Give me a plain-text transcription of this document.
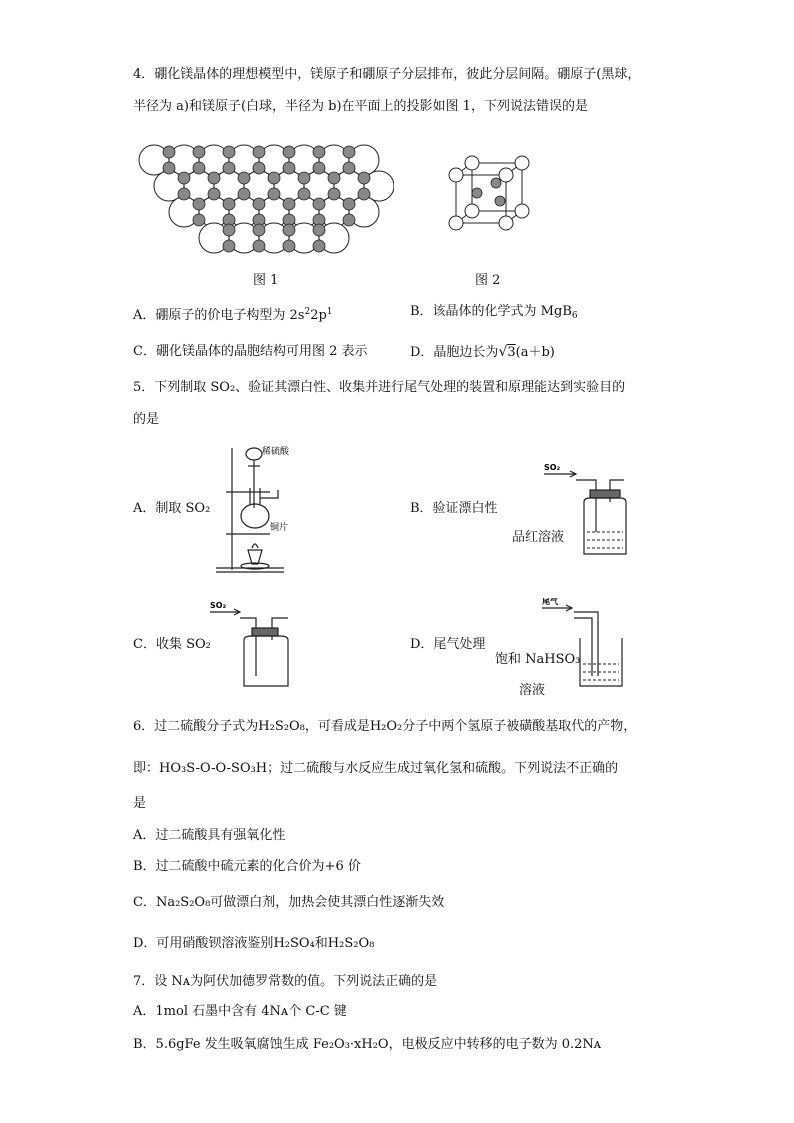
4．硼化镁晶体的理想模型中，镁原子和硼原子分层排布，彼此分层间隔。硼原子(黑球，
半径为 a)和镁原子(白球，半径为 b)在平面上的投影如图 1，下列说法错误的是
图 1	图 2
A．硼原子的价电子构型为 $2s^22p^1$	B．该晶体的化学式为 MgB$_6$
C．硼化镁晶体的晶胞结构可用图 2 表示	D．晶胞边长为√3(a＋b)
5．下列制取 SO₂、验证其漂白性、收集并进行尾气处理的装置和原理能达到实验目的
的是
A．制取 SO₂
稀硫酸
铜片
B．验证漂白性
SO₂
品红溶液
C．收集 SO₂
SO₂
D．尾气处理
尾气
饱和 NaHSO₃
溶液
6．过二硫酸分子式为H₂S₂O₈，可看成是H₂O₂分子中两个氢原子被磺酸基取代的产物，
即：HO₃S-O-O-SO₃H；过二硫酸与水反应生成过氧化氢和硫酸。下列说法不正确的
是
A．过二硫酸具有强氧化性
B．过二硫酸中硫元素的化合价为+6 价
C．Na₂S₂O₈可做漂白剂，加热会使其漂白性逐渐失效
D．可用硝酸钡溶液鉴别H₂SO₄和H₂S₂O₈
7．设 Nᴀ为阿伏加德罗常数的值。下列说法正确的是
A．1mol 石墨中含有 4Nᴀ个 C-C 键
B．5.6gFe 发生吸氧腐蚀生成 Fe₂O₃·xH₂O，电极反应中转移的电子数为 0.2Nᴀ
